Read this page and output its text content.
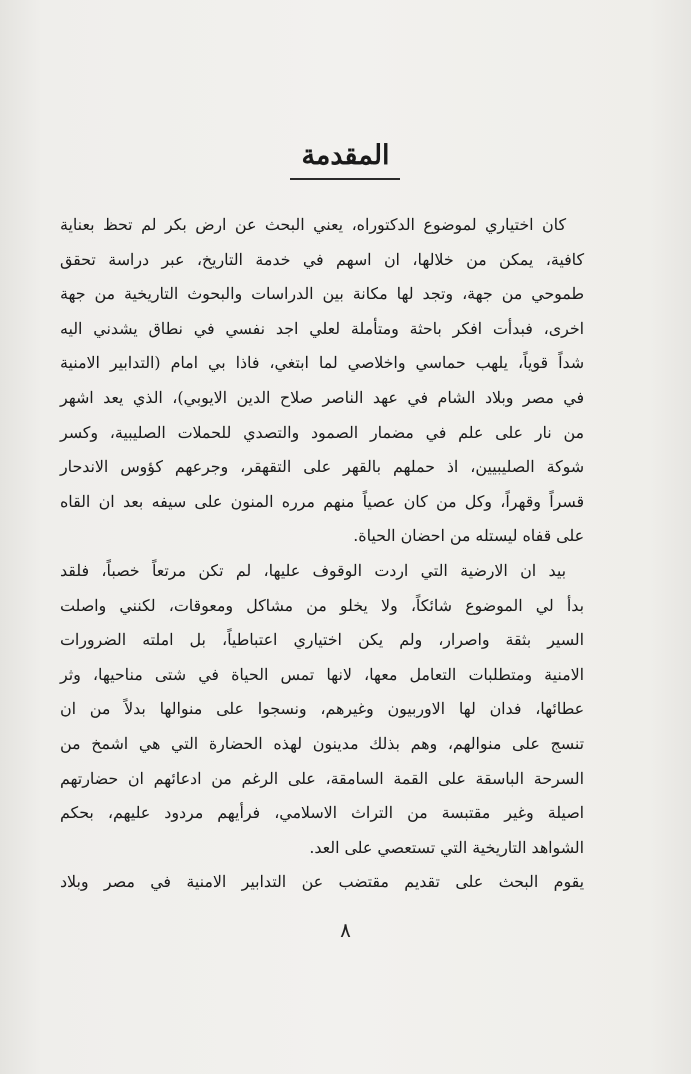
المقدمة
كان اختياري لموضوع الدكتوراه، يعني البحث عن ارض بكر لم تحظ بعناية
كافية، يمكن من خلالها، ان اسهم في خدمة التاريخ، عبر دراسة تحقق
طموحي من جهة، وتجد لها مكانة بين الدراسات والبحوث التاريخية من جهة
اخرى، فبدأت افكر باحثة ومتأملة لعلي اجد نفسي في نطاق يشدني اليه
شداً قوياً، يلهب حماسي واخلاصي لما ابتغي، فاذا بي امام (التدابير الامنية
في مصر وبلاد الشام في عهد الناصر صلاح الدين الايوبي)، الذي يعد اشهر
من نار على علم في مضمار الصمود والتصدي للحملات الصليبية، وكسر
شوكة الصليبيين، اذ حملهم بالقهر على التقهقر، وجرعهم كؤوس الاندحار
قسراً وقهراً، وكل من كان عصياً منهم مرره المنون على سيفه بعد ان القاه
على قفاه ليستله من احضان الحياة.
بيد ان الارضية التي اردت الوقوف عليها، لم تكن مرتعاً خصباً، فلقد
بدأ لي الموضوع شائكاً، ولا يخلو من مشاكل ومعوقات، لكنني واصلت
السير بثقة واصرار، ولم يكن اختياري اعتباطياً، بل املته الضرورات
الامنية ومتطلبات التعامل معها، لانها تمس الحياة في شتى مناحيها، وثر
عطائها، فدان لها الاوربيون وغيرهم، ونسجوا على منوالها بدلاً من ان
تنسج على منوالهم، وهم بذلك مدينون لهذه الحضارة التي هي اشمخ من
السرحة الباسقة على القمة السامقة، على الرغم من ادعائهم ان حضارتهم
اصيلة وغير مقتبسة من التراث الاسلامي، فرأيهم مردود عليهم، بحكم
الشواهد التاريخية التي تستعصي على العد.
يقوم البحث على تقديم مقتضب عن التدابير الامنية في مصر وبلاد
٨
